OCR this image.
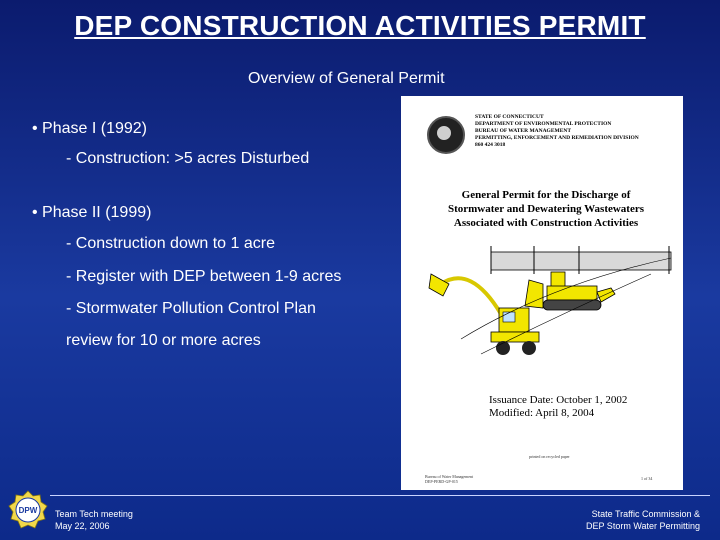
DEP CONSTRUCTION ACTIVITIES PERMIT
Overview of General Permit
• Phase I (1992)
- Construction: >5 acres Disturbed
• Phase II (1999)
- Construction down to 1 acre
- Register with DEP between 1-9 acres
- Stormwater Pollution Control Plan
review for 10 or more acres
STATE OF CONNECTICUT
DEPARTMENT OF ENVIRONMENTAL PROTECTION
BUREAU OF WATER MANAGEMENT
PERMITTING, ENFORCEMENT AND REMEDIATION DIVISION
860 424 3018
General Permit for the Discharge of
Stormwater and Dewatering Wastewaters
Associated with Construction Activities
Issuance Date: October 1, 2002
Modified: April 8, 2004
printed on recycled paper
Bureau of Water Management
DEP-PERD-GP-015
1 of 34
DPW Team Tech meeting
May 22, 2006
State Traffic Commission &
DEP Storm Water Permitting
